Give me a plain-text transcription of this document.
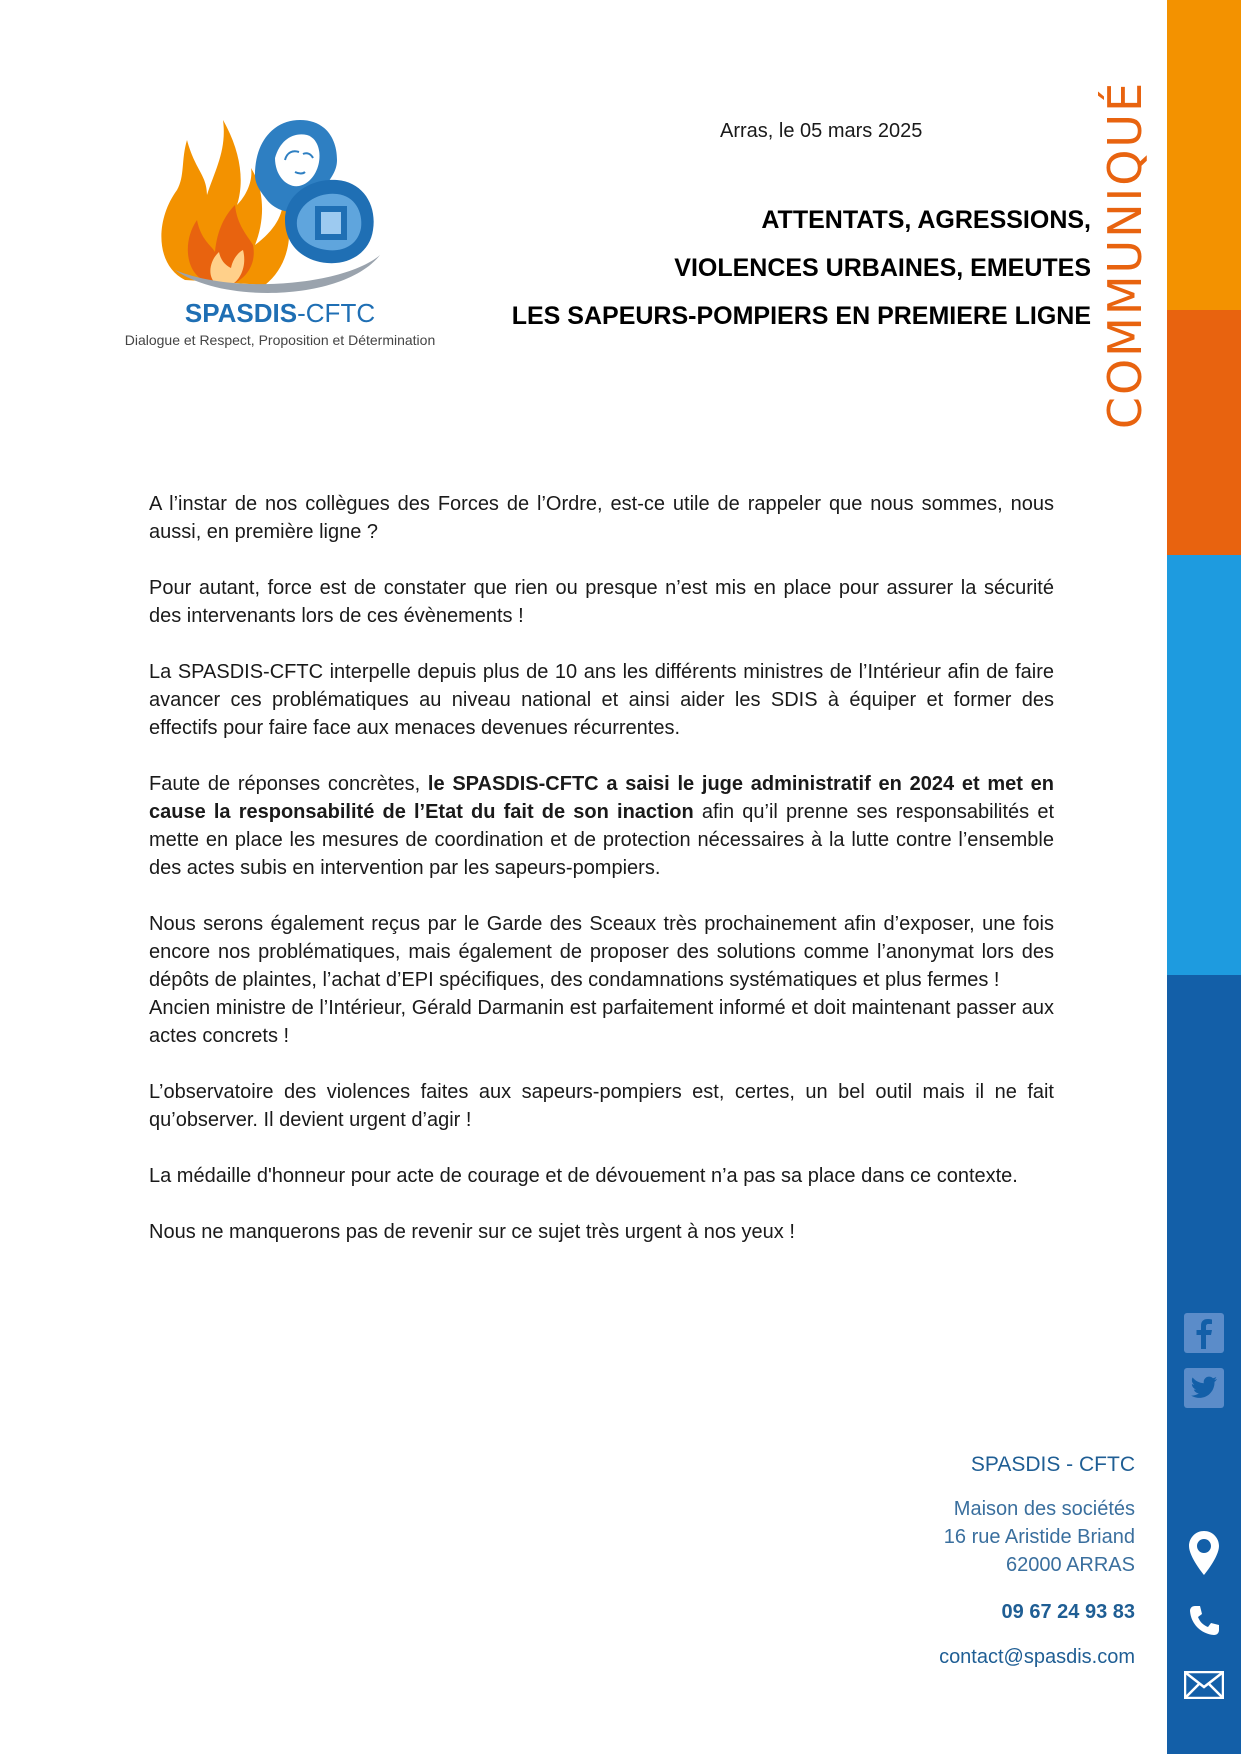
COMMUNIQUÉ
SPASDIS-CFTC
Dialogue et Respect, Proposition et Détermination
Arras, le 05 mars 2025
ATTENTATS, AGRESSIONS,
VIOLENCES URBAINES, EMEUTES
LES SAPEURS-POMPIERS EN PREMIERE LIGNE

A l’instar de nos collègues des Forces de l’Ordre, est-ce utile de rappeler que nous sommes, nous aussi, en première ligne ?

Pour autant, force est de constater que rien ou presque n’est mis en place pour assurer la sécurité des intervenants lors de ces évènements !

La SPASDIS-CFTC interpelle depuis plus de 10 ans les différents ministres de l’Intérieur afin de faire avancer ces problématiques au niveau national et ainsi aider les SDIS à équiper et former des effectifs pour faire face aux menaces devenues récurrentes.

Faute de réponses concrètes, le SPASDIS-CFTC a saisi le juge administratif en 2024 et met en cause la responsabilité de l’Etat du fait de son inaction afin qu’il prenne ses responsabilités et mette en place les mesures de coordination et de protection nécessaires à la lutte contre l’ensemble des actes subis en intervention par les sapeurs-pompiers.

Nous serons également reçus par le Garde des Sceaux très prochainement afin d’exposer, une fois encore nos problématiques, mais également de proposer des solutions comme l’anonymat lors des dépôts de plaintes, l’achat d’EPI spécifiques, des condamnations systématiques et plus fermes !

Ancien ministre de l’Intérieur, Gérald Darmanin est parfaitement informé et doit maintenant passer aux actes concrets !

L’observatoire des violences faites aux sapeurs-pompiers est, certes, un bel outil mais il ne fait qu’observer. Il devient urgent d’agir !

La médaille d'honneur pour acte de courage et de dévouement n’a pas sa place dans ce contexte.

Nous ne manquerons pas de revenir sur ce sujet très urgent à nos yeux !

SPASDIS - CFTC
Maison des sociétés
16 rue Aristide Briand
62000 ARRAS
09 67 24 93 83
contact@spasdis.com
